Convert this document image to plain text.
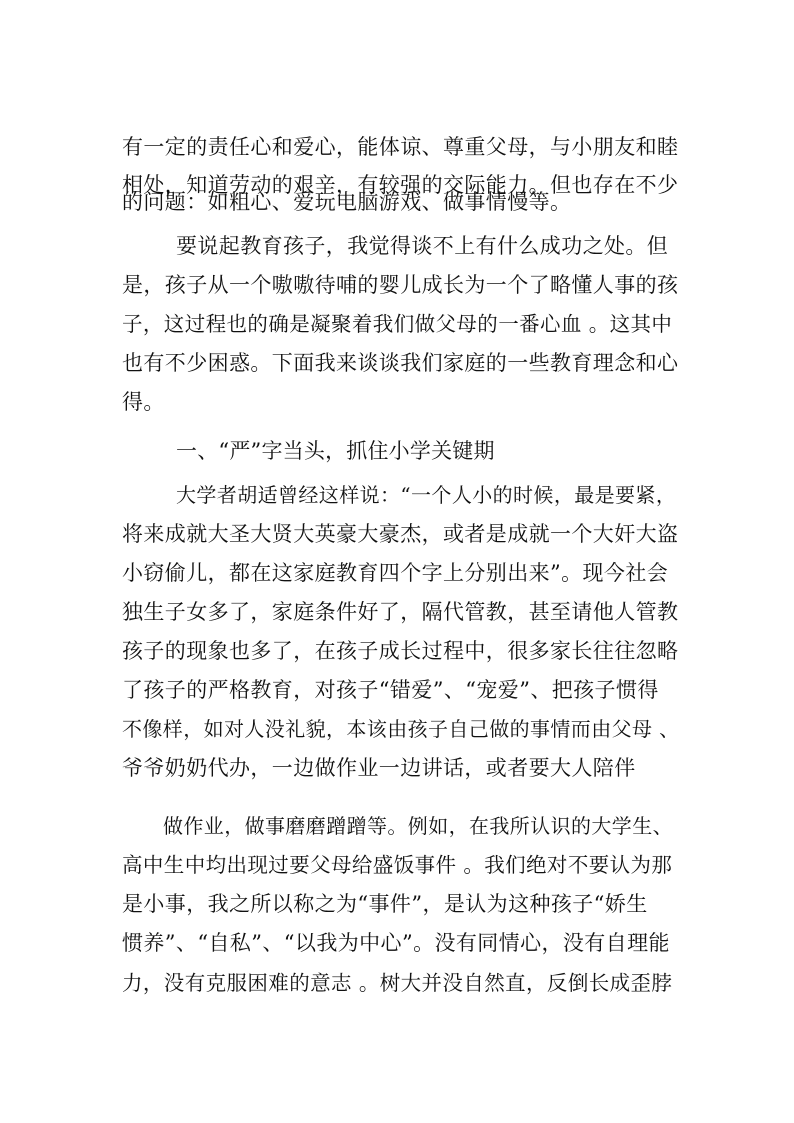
有一定的责任心和爱心，能体谅、尊重父母，与小朋友和睦
相处，知道劳动的艰辛，有较强的交际能力。但也存在不少
的问题：如粗心、爱玩电脑游戏、做事情慢等。
要说起教育孩子，我觉得谈不上有什么成功之处。但
是，孩子从一个嗷嗷待哺的婴儿成长为一个了略懂人事的孩
子，这过程也的确是凝聚着我们做父母的一番心血 。这其中
也有不少困惑。下面我来谈谈我们家庭的一些教育理念和心
得。
一、“严”字当头，抓住小学关键期
大学者胡适曾经这样说：“一个人小的时候，最是要紧，
将来成就大圣大贤大英豪大豪杰，或者是成就一个大奸大盗
小窃偷儿，都在这家庭教育四个字上分别出来”。现今社会
独生子女多了，家庭条件好了，隔代管教，甚至请他人管教
孩子的现象也多了，在孩子成长过程中，很多家长往往忽略
了孩子的严格教育，对孩子“错爱”、“宠爱”、把孩子惯得
不像样，如对人没礼貌，本该由孩子自己做的事情而由父母 、
爷爷奶奶代办，一边做作业一边讲话，或者要大人陪伴
做作业，做事磨磨蹭蹭等。例如，在我所认识的大学生、
高中生中均出现过要父母给盛饭事件 。我们绝对不要认为那
是小事，我之所以称之为“事件”，是认为这种孩子“娇生
惯养”、“自私”、“以我为中心”。没有同情心，没有自理能
力，没有克服困难的意志 。树大并没自然直，反倒长成歪脖
